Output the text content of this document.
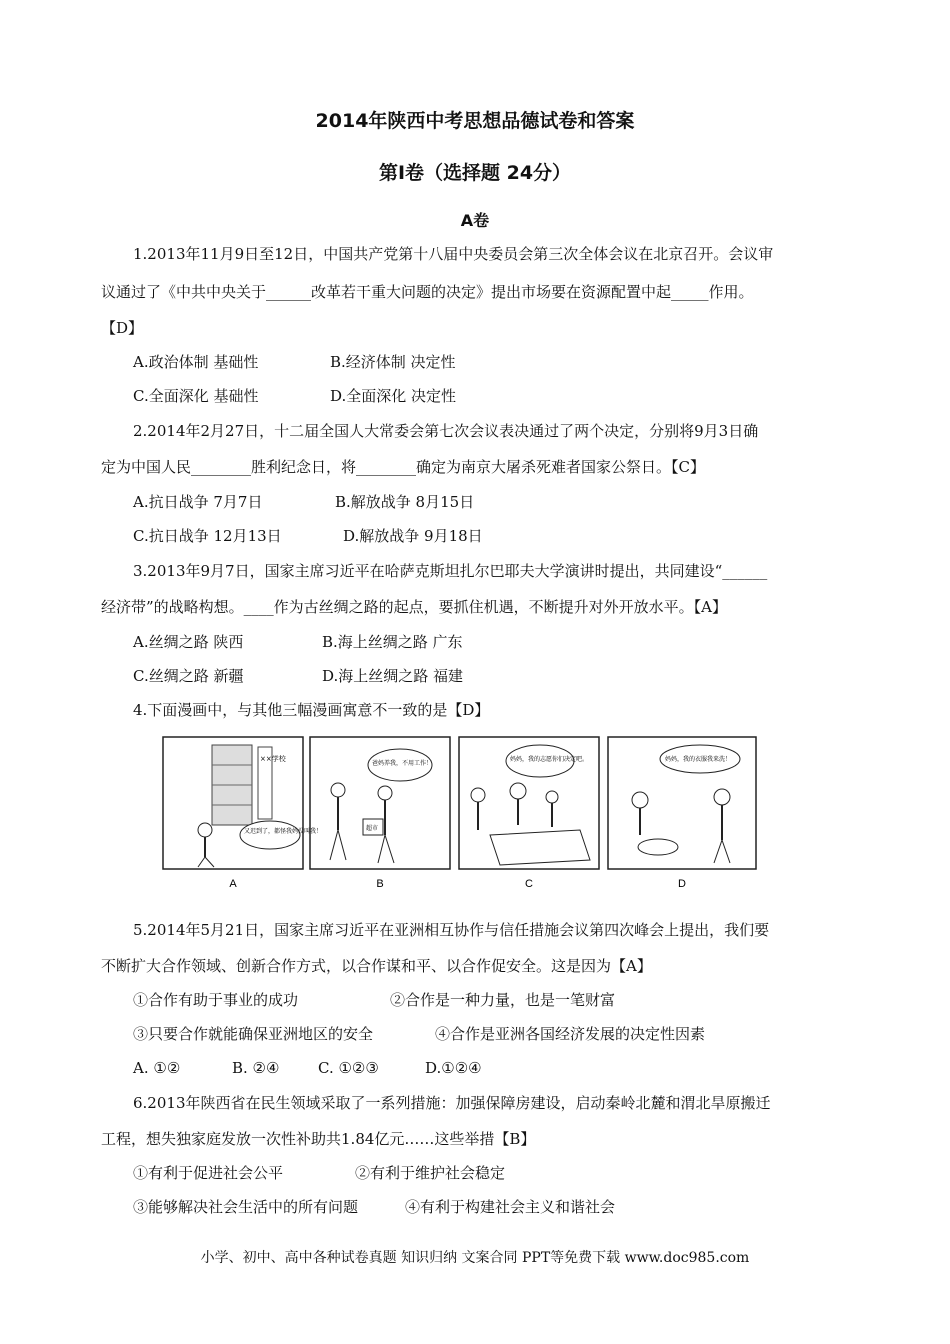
2014年陕西中考思想品德试卷和答案
第Ⅰ卷（选择题 24分）
A卷
1.2013年11月9日至12日，中国共产党第十八届中央委员会第三次全体会议在北京召开。会议审
议通过了《中共中央关于______改革若干重大问题的决定》提出市场要在资源配置中起_____作用。
【D】
A.政治体制 基础性	B.经济体制 决定性
C.全面深化 基础性	D.全面深化 决定性
2.2014年2月27日，十二届全国人大常委会第七次会议表决通过了两个决定，分别将9月3日确
定为中国人民________胜利纪念日，将________确定为南京大屠杀死难者国家公祭日。【C】
A.抗日战争 7月7日	B.解放战争 8月15日
C.抗日战争 12月13日	D.解放战争 9月18日
3.2013年9月7日，国家主席习近平在哈萨克斯坦扎尔巴耶夫大学演讲时提出，共同建设“______
经济带”的战略构想。____作为古丝绸之路的起点，要抓住机遇，不断提升对外开放水平。【A】
A.丝绸之路 陕西	B.海上丝绸之路 广东
C.丝绸之路 新疆	D.海上丝绸之路 福建
4.下面漫画中，与其他三幅漫画寓意不一致的是【D】
××学校
又迟到了，都怪我妈没叫我！
爸妈养我，不用工作！
超市
妈妈，我的志愿你们决定吧。	妈妈，我的衣服我来洗！
A	B	C	D
5.2014年5月21日，国家主席习近平在亚洲相互协作与信任措施会议第四次峰会上提出，我们要
不断扩大合作领域、创新合作方式，以合作谋和平、以合作促安全。这是因为【A】
①合作有助于事业的成功	②合作是一种力量，也是一笔财富
③只要合作就能确保亚洲地区的安全	④合作是亚洲各国经济发展的决定性因素
A. ①②	B. ②④	C. ①②③	D.①②④
6.2013年陕西省在民生领域采取了一系列措施：加强保障房建设，启动秦岭北麓和渭北旱原搬迁
工程，想失独家庭发放一次性补助共1.84亿元……这些举措【B】
①有利于促进社会公平	②有利于维护社会稳定
③能够解决社会生活中的所有问题	④有利于构建社会主义和谐社会
小学、初中、高中各种试卷真题 知识归纳 文案合同 PPT等免费下载 www.doc985.com
